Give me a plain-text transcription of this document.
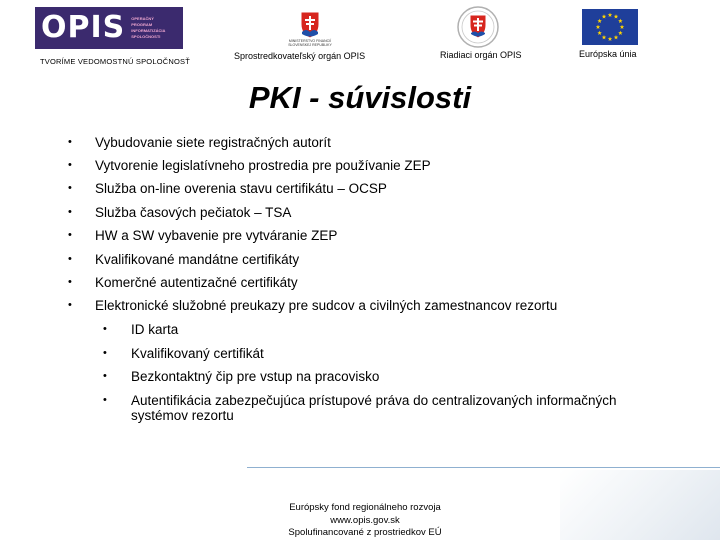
OPIS OPERAČNÝ
PROGRAM
INFORMATIZÁCIA
SPOLOČNOSTI
TVORÍME VEDOMOSTNÚ SPOLOČNOSŤ
MINISTERSTVO FINANCIÍ
SLOVENSKEJ REPUBLIKY
Sprostredkovateľský orgán OPIS	Riadiaci orgán OPIS	Európska únia
PKI - súvislosti
• Vybudovanie siete registračných autorít
• Vytvorenie legislatívneho prostredia pre používanie ZEP
• Služba on-line overenia stavu certifikátu – OCSP
• Služba časových pečiatok – TSA
• HW a SW vybavenie pre vytváranie ZEP
• Kvalifikované mandátne certifikáty
• Komerčné autentizačné certifikáty
• Elektronické služobné preukazy pre sudcov a civilných zamestnancov rezortu
• ID karta
• Kvalifikovaný certifikát
• Bezkontaktný čip pre vstup na pracovisko
• Autentifikácia zabezpečujúca prístupové práva do centralizovaných informačných
systémov rezortu
Európsky fond regionálneho rozvoja
www.opis.gov.sk
Spolufinancované z prostriedkov EÚ
